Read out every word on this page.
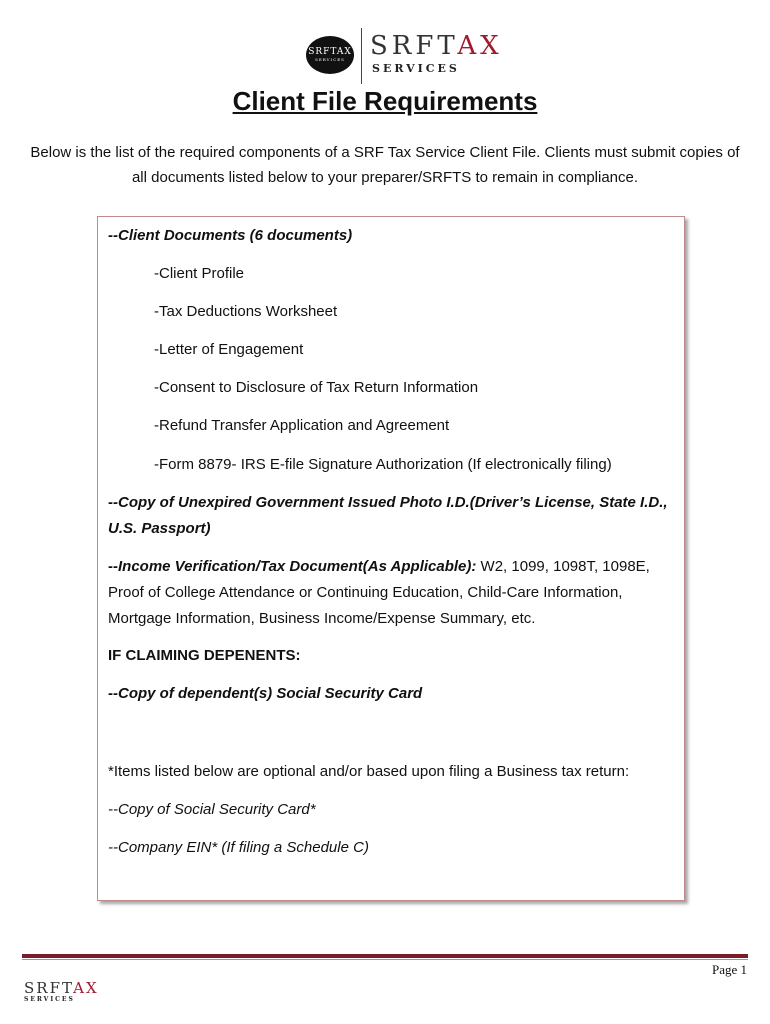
SRFTAX
SERVICES SRFTAX
SERVICES
Client File Requirements
Below is the list of the required components of a SRF Tax Service Client File. Clients must submit copies of all documents listed below to your preparer/SRFTS to remain in compliance.
--Client Documents (6 documents)
-Client Profile
-Tax Deductions Worksheet
-Letter of Engagement
-Consent to Disclosure of Tax Return Information
-Refund Transfer Application and Agreement
-Form 8879- IRS E-file Signature Authorization (If electronically filing)
--Copy of Unexpired Government Issued Photo I.D.(Driver’s License, State I.D., U.S. Passport)
--Income Verification/Tax Document(As Applicable): W2, 1099, 1098T, 1098E, Proof of College Attendance or Continuing Education, Child-Care Information, Mortgage Information, Business Income/Expense Summary, etc.
IF CLAIMING DEPENENTS:
--Copy of dependent(s) Social Security Card
*Items listed below are optional and/or based upon filing a Business tax return:
--Copy of Social Security Card*
--Company EIN* (If filing a Schedule C)
Page 1
SRFTAX
SERVICES
